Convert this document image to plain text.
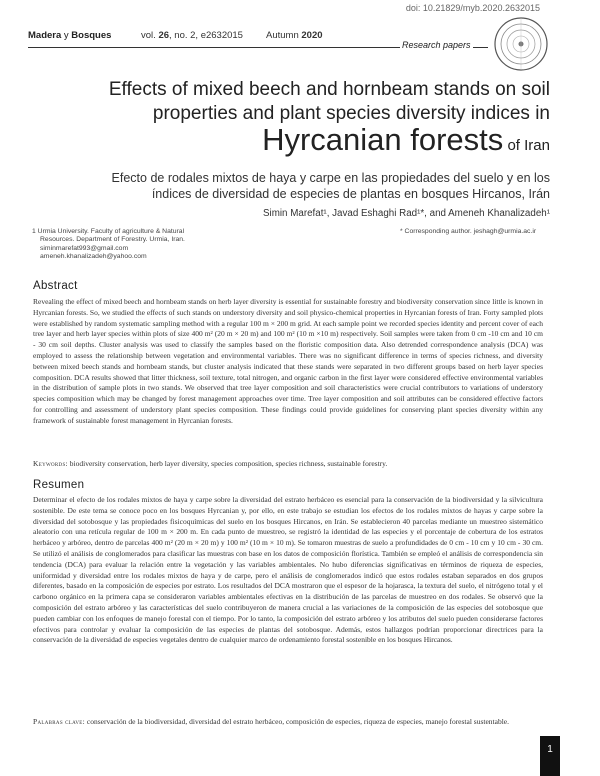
doi: 10.21829/myb.2020.2632015
Madera y Bosques	vol. 26, no. 2, e2632015 Autumn 2020
Research papers
Effects of mixed beech and hornbeam stands on soil
properties and plant species diversity indices in
Hyrcanian forests of Iran
Efecto de rodales mixtos de haya y carpe en las propiedades del suelo y en los
índices de diversidad de especies de plantas en bosques Hircanos, Irán
Simin Marefat¹, Javad Eshaghi Rad¹*, and Ameneh Khanalizadeh¹
1 Urmia University. Faculty of agriculture & Natural
Resources. Department of Forestry. Urmia, Iran.
siminmarefat993@gmail.com
ameneh.khanalizadeh@yahoo.com
* Corresponding author. jeshagh@urmia.ac.ir
Abstract

Revealing the effect of mixed beech and hornbeam stands on herb layer diversity is essential for sustainable forestry and biodiversity conservation since little is known in Hyrcanian forests. So, we studied the effects of such stands on understory diversity and soil physico-chemical properties in Hyrcanian forests of Iran. Forty sampled plots were established by random systematic sampling method with a regular 100 m × 200 m grid. At each sample point we recorded species identity and percent cover of each tree layer and herb layer species within plots of size 400 m² (20 m × 20 m) and 100 m² (10 m ×10 m) respectively. Soil samples were taken from 0 cm -10 cm and 10 cm - 30 cm soil depths. Cluster analysis was used to classify the samples based on the floristic composition data. Also detrended correspondence analysis (DCA) was employed to assess the relationship between vegetation and environmental variables. There was no significant difference in terms of species richness, and diversity between mixed beech stands and hornbeam stands, but cluster analysis indicated that these stands were separated in two different groups based on herb layer species composition. DCA results showed that litter thickness, soil texture, total nitrogen, and organic carbon in the first layer were considered effective environmental variables in the distribution of sample plots in two stands. We observed that tree layer composition and soil characteristics were crucial contributors to variations of understory species composition which may be changed by forest management approaches over time. Tree layer composition and soil attributes can be considered effective factors for controlling and assessment of understory plant species composition. These findings could provide guidelines for conserving plant species diversity within any framework of sustainable forest management in Hyrcanian forests.

Keywords: biodiversity conservation, herb layer diversity, species composition, species richness, sustainable forestry.
Resumen

Determinar el efecto de los rodales mixtos de haya y carpe sobre la diversidad del estrato herbáceo es esencial para la conservación de la biodiversidad y la silvicultura sostenible. De este tema se conoce poco en los bosques Hyrcanian y, por ello, en este trabajo se estudian los efectos de los rodales mixtos de hayas y carpe sobre la diversidad del sotobosque y las propiedades fisicoquímicas del suelo en los bosques Hircanos, en Irán. Se establecieron 40 parcelas mediante un muestreo sistemático aleatorio con una retícula regular de 100 m × 200 m. En cada punto de muestreo, se registró la identidad de las especies y el porcentaje de cobertura de los estratos herbáceo y arbóreo, dentro de parcelas 400 m² (20 m × 20 m) y 100 m² (10 m × 10 m). Se tomaron muestras de suelo a profundidades de 0 cm - 10 cm y 10 cm - 30 cm. Se utilizó el análisis de conglomerados para clasificar las muestras con base en los datos de composición florística. También se empleó el análisis de correspondencia sin tendencia (DCA) para evaluar la relación entre la vegetación y las variables ambientales. No hubo diferencias significativas en términos de riqueza de especies, uniformidad y diversidad entre los rodales mixtos de haya y de carpe, pero el análisis de conglomerados indicó que estos rodales estaban separados en dos grupos diferentes, basado en la composición de especies por estrato. Los resultados del DCA mostraron que el espesor de la hojarasca, la textura del suelo, el nitrógeno total y el carbono orgánico en la primera capa se consideraron variables ambientales efectivas en la distribución de las parcelas de muestreo en dos rodales. Se observó que la composición del estrato arbóreo y las características del suelo contribuyeron de manera crucial a las variaciones de la composición de las especies del sotobosque que pueden cambiar con los enfoques de manejo forestal con el tiempo. Por lo tanto, la composición del estrato arbóreo y los atributos del suelo pueden considerarse factores efectivos para controlar y evaluar la composición de las especies de plantas del sotobosque. Además, estos hallazgos podrían proporcionar directrices para la conservación de la diversidad de especies vegetales dentro de cualquier marco de ordenamiento forestal sostenible en los bosques Hircanos.

Palabras clave: conservación de la biodiversidad, diversidad del estrato herbáceo, composición de especies, riqueza de especies, manejo forestal sustentable.
1
